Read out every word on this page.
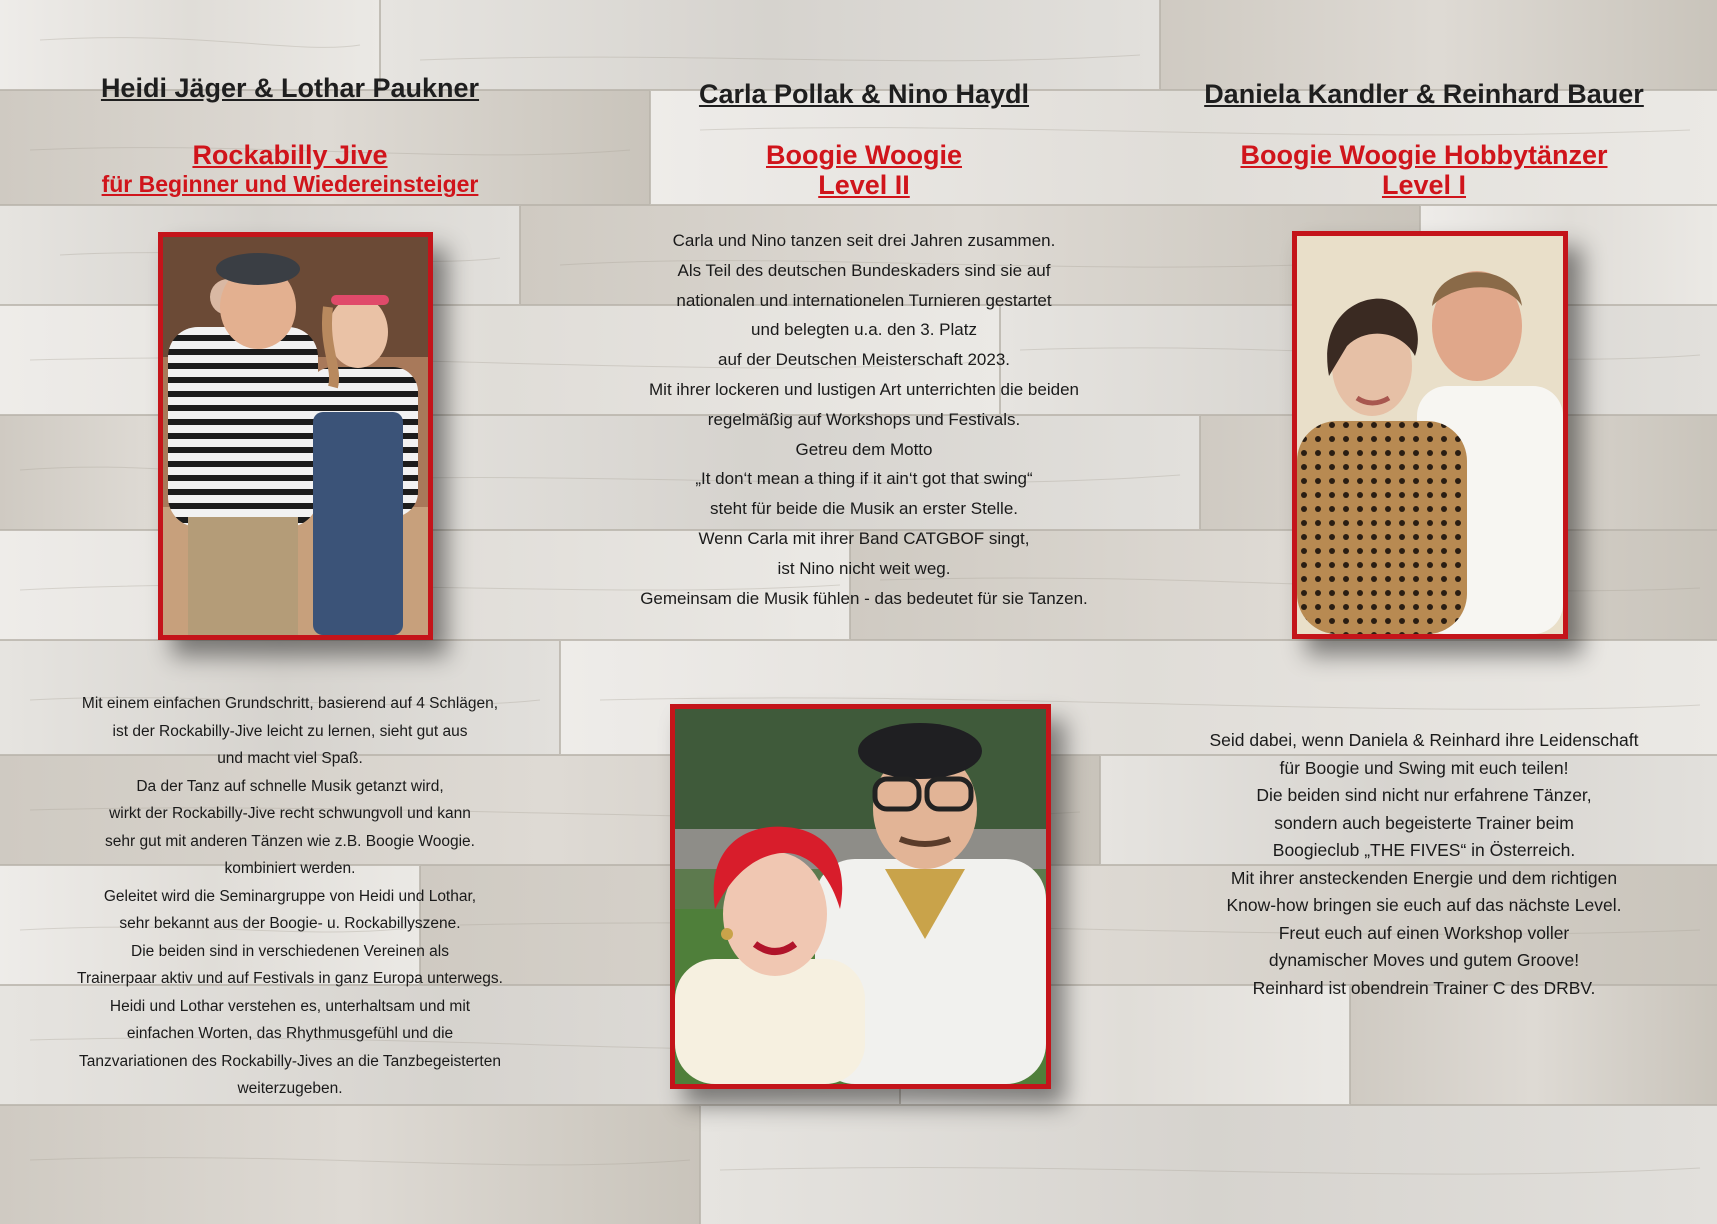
Heidi Jäger & Lothar Paukner
Rockabilly Jive
für Beginner und Wiedereinsteiger

Mit einem einfachen Grundschritt, basierend auf 4 Schlägen,

ist der Rockabilly-Jive leicht zu lernen, sieht gut aus

und macht viel Spaß.

Da der Tanz auf schnelle Musik getanzt wird,

wirkt der Rockabilly-Jive recht schwungvoll und kann

sehr gut mit anderen Tänzen wie z.B. Boogie Woogie.

kombiniert werden.

Geleitet wird die Seminargruppe von Heidi und Lothar,

sehr bekannt aus der Boogie- u. Rockabillyszene.

Die beiden sind in verschiedenen Vereinen als

Trainerpaar aktiv und auf Festivals in ganz Europa unterwegs.

Heidi und Lothar verstehen es, unterhaltsam und mit

einfachen Worten, das Rhythmusgefühl und die

Tanzvariationen des Rockabilly-Jives an die Tanzbegeisterten

weiterzugeben.

Carla Pollak & Nino Haydl
Boogie Woogie
Level II

Carla und Nino tanzen seit drei Jahren zusammen.

Als Teil des deutschen Bundeskaders sind sie auf

nationalen und internationelen Turnieren gestartet

und belegten u.a. den 3. Platz

auf der Deutschen Meisterschaft 2023.

Mit ihrer lockeren und lustigen Art unterrichten die beiden

regelmäßig auf Workshops und Festivals.

Getreu dem Motto

„It don‘t mean a thing if it ain‘t got that swing“

steht für beide die Musik an erster Stelle.

Wenn Carla mit ihrer Band CATGBOF singt,

ist Nino nicht weit weg.

Gemeinsam die Musik fühlen - das bedeutet für sie Tanzen.

Daniela Kandler & Reinhard Bauer
Boogie Woogie Hobbytänzer
Level I

Seid dabei, wenn Daniela & Reinhard ihre Leidenschaft

für Boogie und Swing mit euch teilen!

Die beiden sind nicht nur erfahrene Tänzer,

sondern auch begeisterte Trainer beim

Boogieclub „THE FIVES“ in Österreich.

Mit ihrer ansteckenden Energie und dem richtigen

Know-how bringen sie euch auf das nächste Level.

Freut euch auf einen Workshop voller

dynamischer Moves und gutem Groove!

Reinhard ist obendrein Trainer C des DRBV.
